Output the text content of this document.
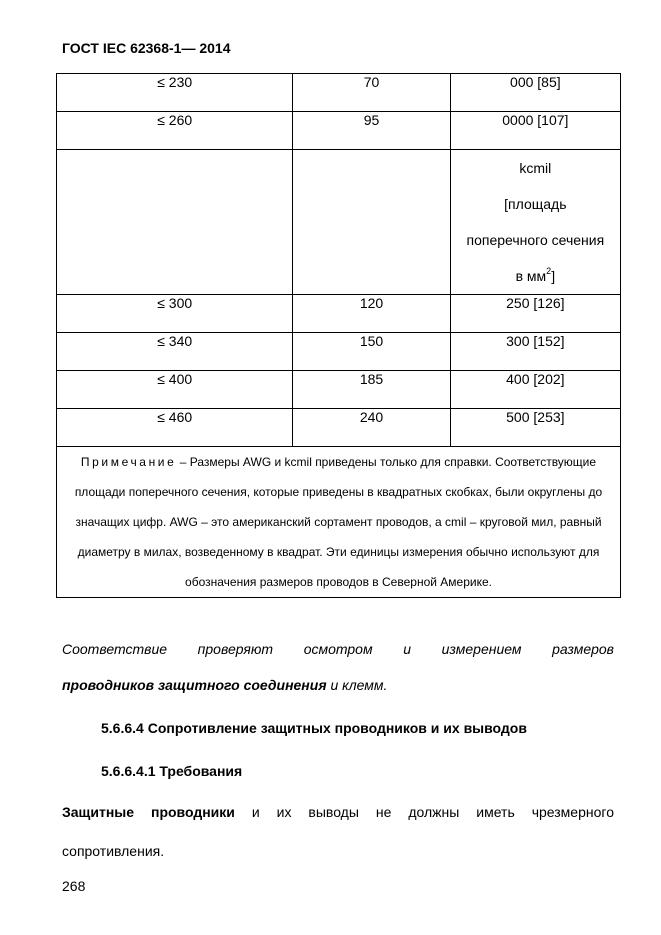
ГОСТ IEC 62368-1— 2014
≤ 230	70	000 [85]
≤ 260	95	0000 [107]

		kcmil
[площадь
поперечного сечения
в $мм^2$]

≤ 300	120	250 [126]
≤ 340	150	300 [152]
≤ 400	185	400 [202]
≤ 460	240	500 [253]
Примечание – Размеры AWG и kcmil приведены только для справки. Соответствующие площади поперечного сечения, которые приведены в квадратных скобках, были округлены до значащих цифр. AWG – это американский сортамент проводов, а cmil – круговой мил, равный диаметру в милах, возведенному в квадрат. Эти единицы измерения обычно используют для обозначения размеров проводов в Северной Америке.		
Соответствие проверяют осмотром и измерением размеров
проводников защитного соединения и клемм.
5.6.6.4 Сопротивление защитных проводников и их выводов
5.6.6.4.1 Требования
Защитные проводники и их выводы не должны иметь чрезмерного
сопротивления.
268
